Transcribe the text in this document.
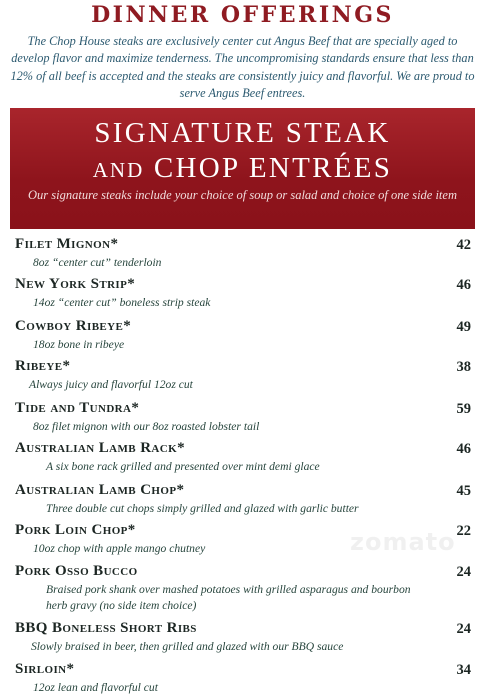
DINNER OFFERINGS
The Chop House steaks are exclusively center cut Angus Beef that are specially aged to develop flavor and maximize tenderness. The uncompromising standards ensure that less than 12% of all beef is accepted and the steaks are consistently juicy and flavorful. We are proud to serve Angus Beef entrees.
SIGNATURE STEAK
AND CHOP ENTRÉES
Our signature steaks include your choice of soup or salad and choice of one side item
Filet Mignon*	42
8oz “center cut” tenderloin
New York Strip*	46
14oz “center cut” boneless strip steak
Cowboy Ribeye*	49
18oz bone in ribeye
Ribeye*	38
Always juicy and flavorful 12oz cut
Tide and Tundra*	59
8oz filet mignon with our 8oz roasted lobster tail
Australian Lamb Rack*	46
A six bone rack grilled and presented over mint demi glace
Australian Lamb Chop*	45
Three double cut chops simply grilled and glazed with garlic butter
Pork Loin Chop*	22
10oz chop with apple mango chutney
Pork Osso Bucco	24
Braised pork shank over mashed potatoes with grilled asparagus and bourbon herb gravy (no side item choice)
BBQ Boneless Short Ribs	24
Slowly braised in beer, then grilled and glazed with our BBQ sauce
Sirloin*	34
12oz lean and flavorful cut
zomato
